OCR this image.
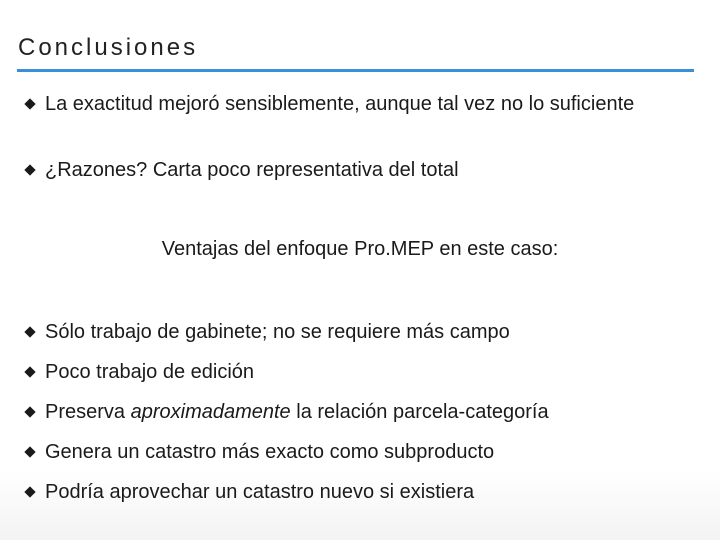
Conclusiones
La exactitud mejoró sensiblemente, aunque tal vez no lo suficiente
¿Razones? Carta poco representativa del total
Ventajas del enfoque Pro.MEP en este caso:
Sólo trabajo de gabinete; no se requiere más campo
Poco trabajo de edición
Preserva aproximadamente la relación parcela-categoría
Genera un catastro más exacto como subproducto
Podría aprovechar un catastro nuevo si existiera
